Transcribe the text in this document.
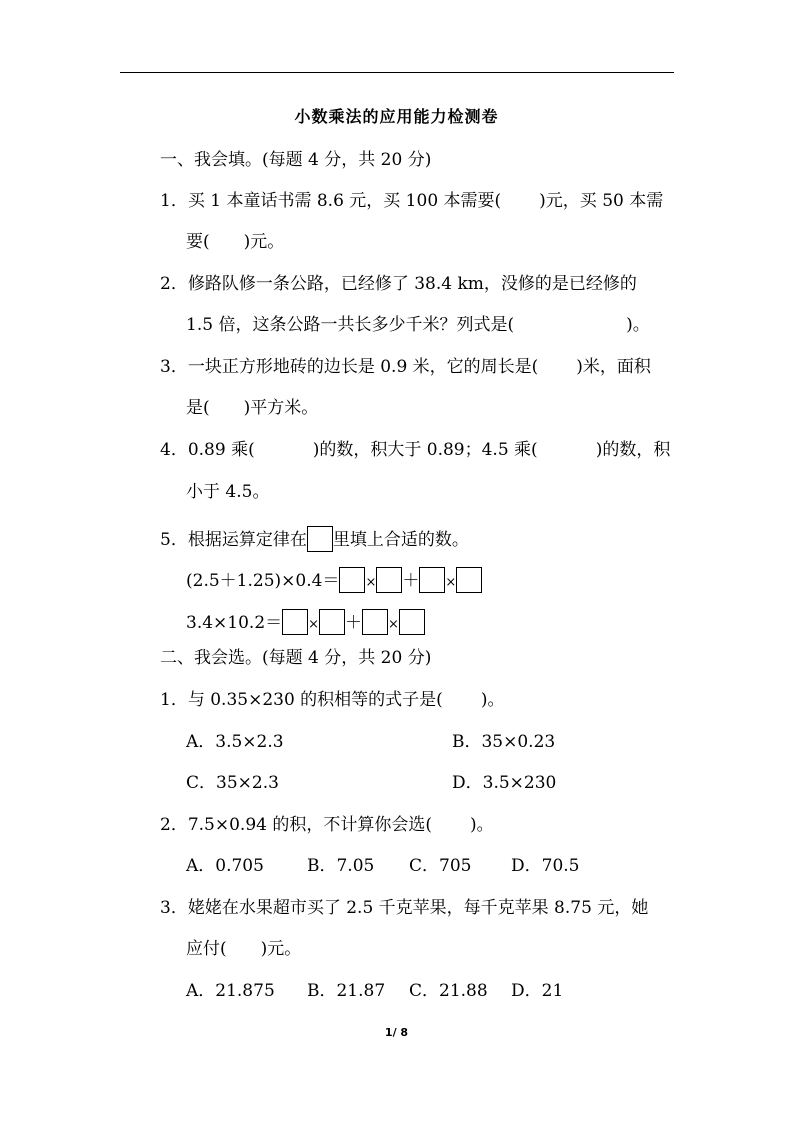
小数乘法的应用能力检测卷
一、我会填。(每题 4 分，共 20 分)
1．买 1 本童话书需 8.6 元，买 100 本需要( )元，买 50 本需
要( )元。
2．修路队修一条公路，已经修了 38.4 km，没修的是已经修的
1.5 倍，这条公路一共长多少千米？列式是(	)。
3．一块正方形地砖的边长是 0.9 米，它的周长是( )米，面积
是( )平方米。
4．0.89 乘(	)的数，积大于 0.89；4.5 乘(	)的数，积
小于 4.5。
5．根据运算定律在 里填上合适的数。
(2.5＋1.25)×0.4＝ × ＋ ×
3.4×10.2＝ × ＋ ×
二、我会选。(每题 4 分，共 20 分)
1．与 0.35×230 的积相等的式子是( )。
A．3.5×2.3	B．35×0.23
C．35×2.3	D．3.5×230
2．7.5×0.94 的积，不计算你会选( )。
A．0.705	B．7.05 C．705 D．70.5
3．姥姥在水果超市买了 2.5 千克苹果，每千克苹果 8.75 元，她
应付( )元。
A．21.875 B．21.87 C．21.88 D．21
1/ 8
